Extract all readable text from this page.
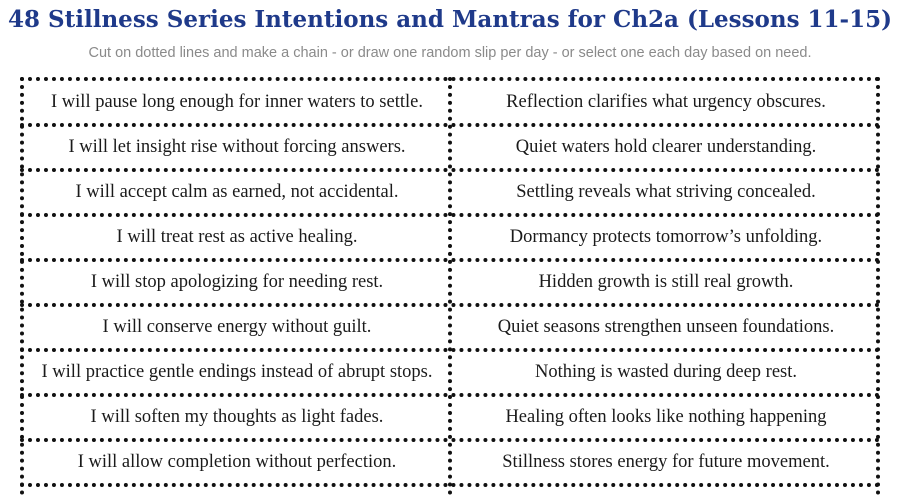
48 Stillness Series Intentions and Mantras for Ch2a (Lessons 11-15)
Cut on dotted lines and make a chain - or draw one random slip per day - or select one each day based on need.
I will pause long enough for inner waters to settle.	Reflection clarifies what urgency obscures.
I will let insight rise without forcing answers.	Quiet waters hold clearer understanding.
I will accept calm as earned, not accidental.	Settling reveals what striving concealed.
I will treat rest as active healing.	Dormancy protects tomorrow’s unfolding.
I will stop apologizing for needing rest.	Hidden growth is still real growth.
I will conserve energy without guilt.	Quiet seasons strengthen unseen foundations.
I will practice gentle endings instead of abrupt stops.	Nothing is wasted during deep rest.
I will soften my thoughts as light fades.	Healing often looks like nothing happening
I will allow completion without perfection.	Stillness stores energy for future movement.
